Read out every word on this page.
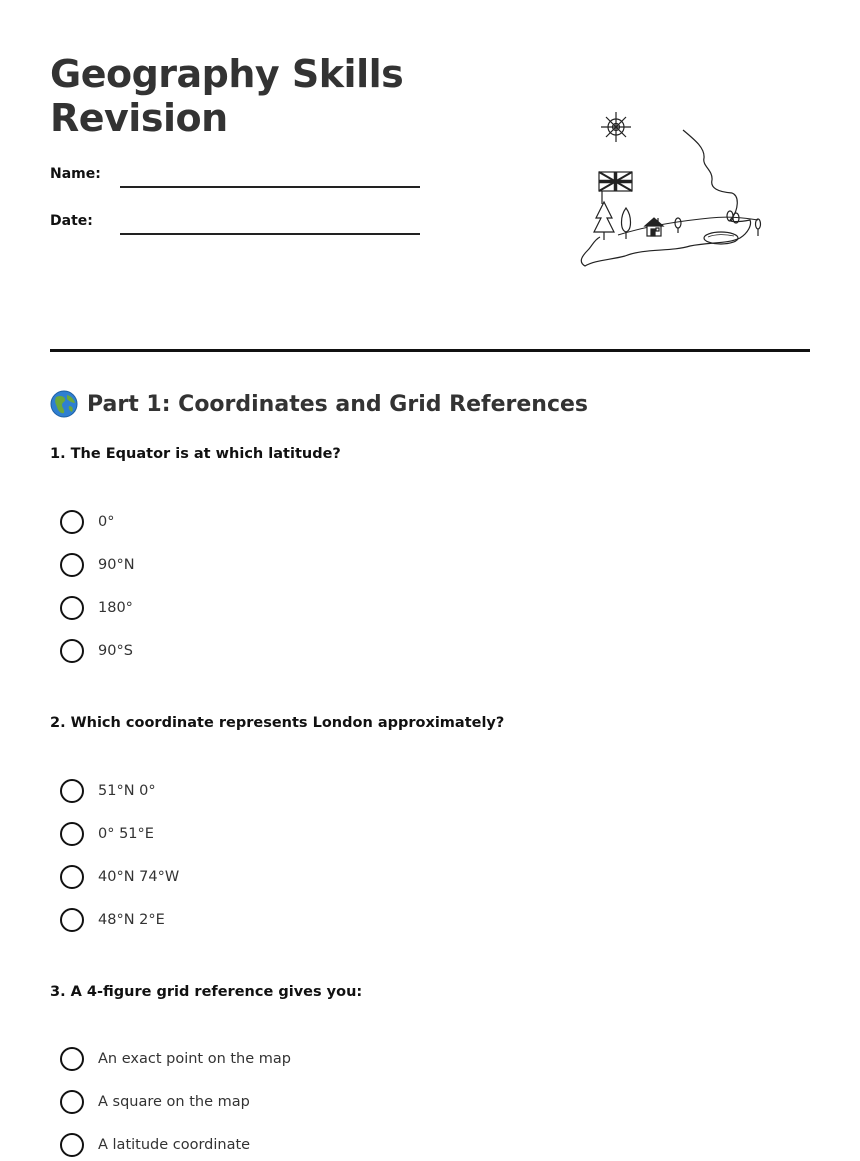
Geography Skills
Revision
Name:
Date:
Part 1: Coordinates and Grid References
1. The Equator is at which latitude?
0°
90°N
180°
90°S
2. Which coordinate represents London approximately?
51°N 0°
0° 51°E
40°N 74°W
48°N 2°E
3. A 4-figure grid reference gives you:
An exact point on the map
A square on the map
A latitude coordinate
